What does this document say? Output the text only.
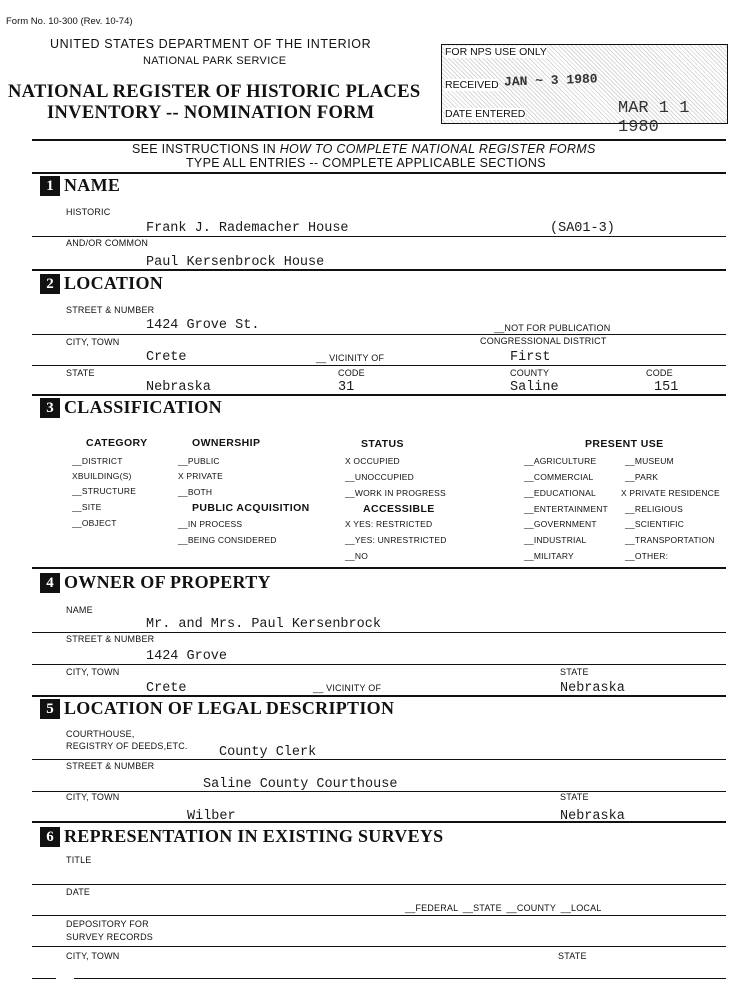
Form No. 10-300 (Rev. 10-74)
UNITED STATES DEPARTMENT OF THE INTERIOR
NATIONAL PARK SERVICE
NATIONAL REGISTER OF HISTORIC PLACES
INVENTORY -- NOMINATION FORM
FOR NPS USE ONLY
RECEIVED JAN ~ 3 1980
DATE ENTERED	MAR 1 1 1980
SEE INSTRUCTIONS IN HOW TO COMPLETE NATIONAL REGISTER FORMS
TYPE ALL ENTRIES -- COMPLETE APPLICABLE SECTIONS
1 NAME
HISTORIC
Frank J. Rademacher House	(SA01-3)
AND/OR COMMON
Paul Kersenbrock House
2 LOCATION
STREET & NUMBER
1424 Grove St.	__NOT FOR PUBLICATION
CITY, TOWN	CONGRESSIONAL DISTRICT
Crete	__ VICINITY OF	First
STATE	CODE	COUNTY	CODE
Nebraska	31	Saline	151
3 CLASSIFICATION
CATEGORY
__DISTRICT
XBUILDING(S)
__STRUCTURE
__SITE
__OBJECT
OWNERSHIP
__PUBLIC
X PRIVATE
__BOTH
PUBLIC ACQUISITION
__IN PROCESS
__BEING CONSIDERED
STATUS
X OCCUPIED
__UNOCCUPIED
__WORK IN PROGRESS
ACCESSIBLE
X YES: RESTRICTED
__YES: UNRESTRICTED
__NO
PRESENT USE
__AGRICULTURE
__COMMERCIAL
__EDUCATIONAL
__ENTERTAINMENT
__GOVERNMENT
__INDUSTRIAL
__MILITARY
__MUSEUM
__PARK
X PRIVATE RESIDENCE
__RELIGIOUS
__SCIENTIFIC
__TRANSPORTATION
__OTHER:
4 OWNER OF PROPERTY
NAME
Mr. and Mrs. Paul Kersenbrock
STREET & NUMBER
1424 Grove
CITY, TOWN	STATE
Crete	__ VICINITY OF	Nebraska
5 LOCATION OF LEGAL DESCRIPTION
COURTHOUSE,
REGISTRY OF DEEDS,ETC. County Clerk
STREET & NUMBER
Saline County Courthouse
CITY, TOWN	STATE
Wilber	Nebraska
6 REPRESENTATION IN EXISTING SURVEYS
TITLE
DATE
__FEDERAL __STATE __COUNTY __LOCAL
DEPOSITORY FOR
SURVEY RECORDS
CITY, TOWN	STATE
